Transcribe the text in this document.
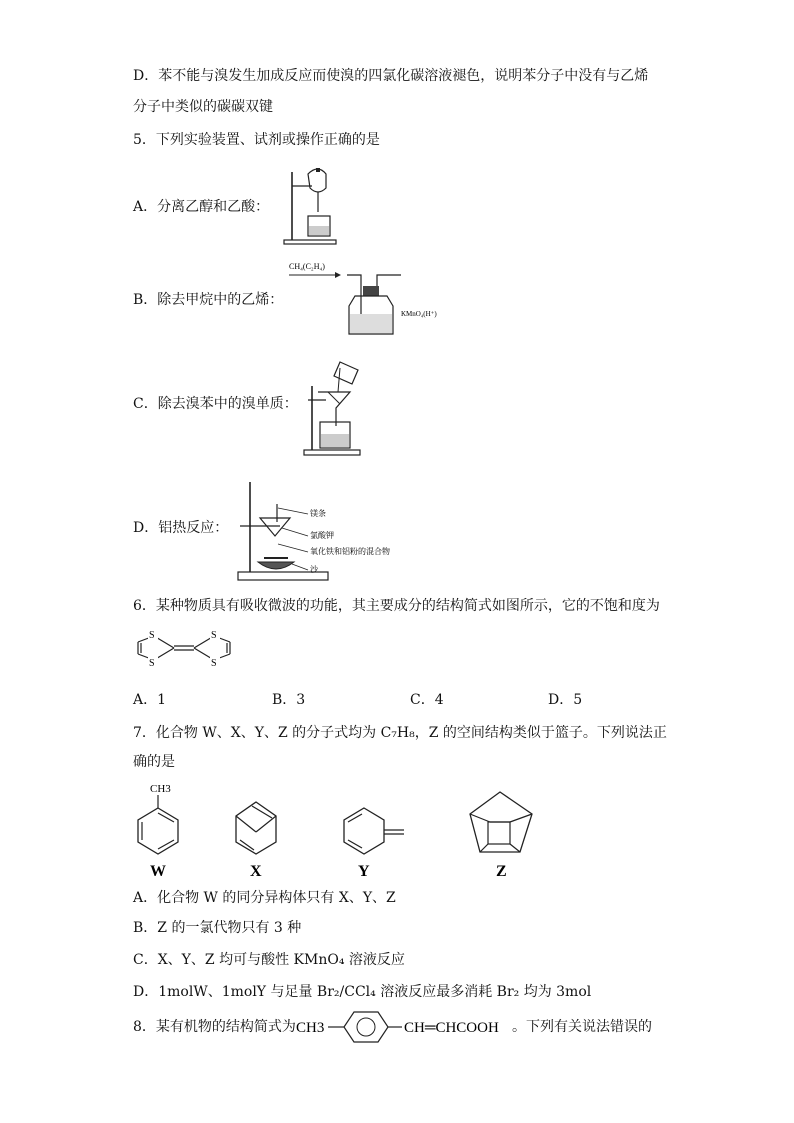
D．苯不能与溴发生加成反应而使溴的四氯化碳溶液褪色，说明苯分子中没有与乙烯
分子中类似的碳碳双键
5．下列实验装置、试剂或操作正确的是
A．分离乙醇和乙酸：
CH₄(C₂H₄)
KMnO₄(H⁺)
B．除去甲烷中的乙烯：
C．除去溴苯中的溴单质：
镁条
氯酸钾
氧化铁和铝粉的混合物
沙
D．铝热反应：
6．某种物质具有吸收微波的功能，其主要成分的结构简式如图所示，它的不饱和度为
S
S
S
S
A．1	B．3	C．4	D．5
7．化合物 W、X、Y、Z 的分子式均为 C₇H₈，Z 的空间结构类似于篮子。下列说法正
确的是
CH3
W	X	Y	Z
A．化合物 W 的同分异构体只有 X、Y、Z
B．Z 的一氯代物只有 3 种
C．X、Y、Z 均可与酸性 KMnO₄ 溶液反应
D．1molW、1molY 与足量 Br₂/CCl₄ 溶液反应最多消耗 Br₂ 均为 3mol
8．某有机物的结构简式为 CH3	CH═CHCOOH 。下列有关说法错误的
